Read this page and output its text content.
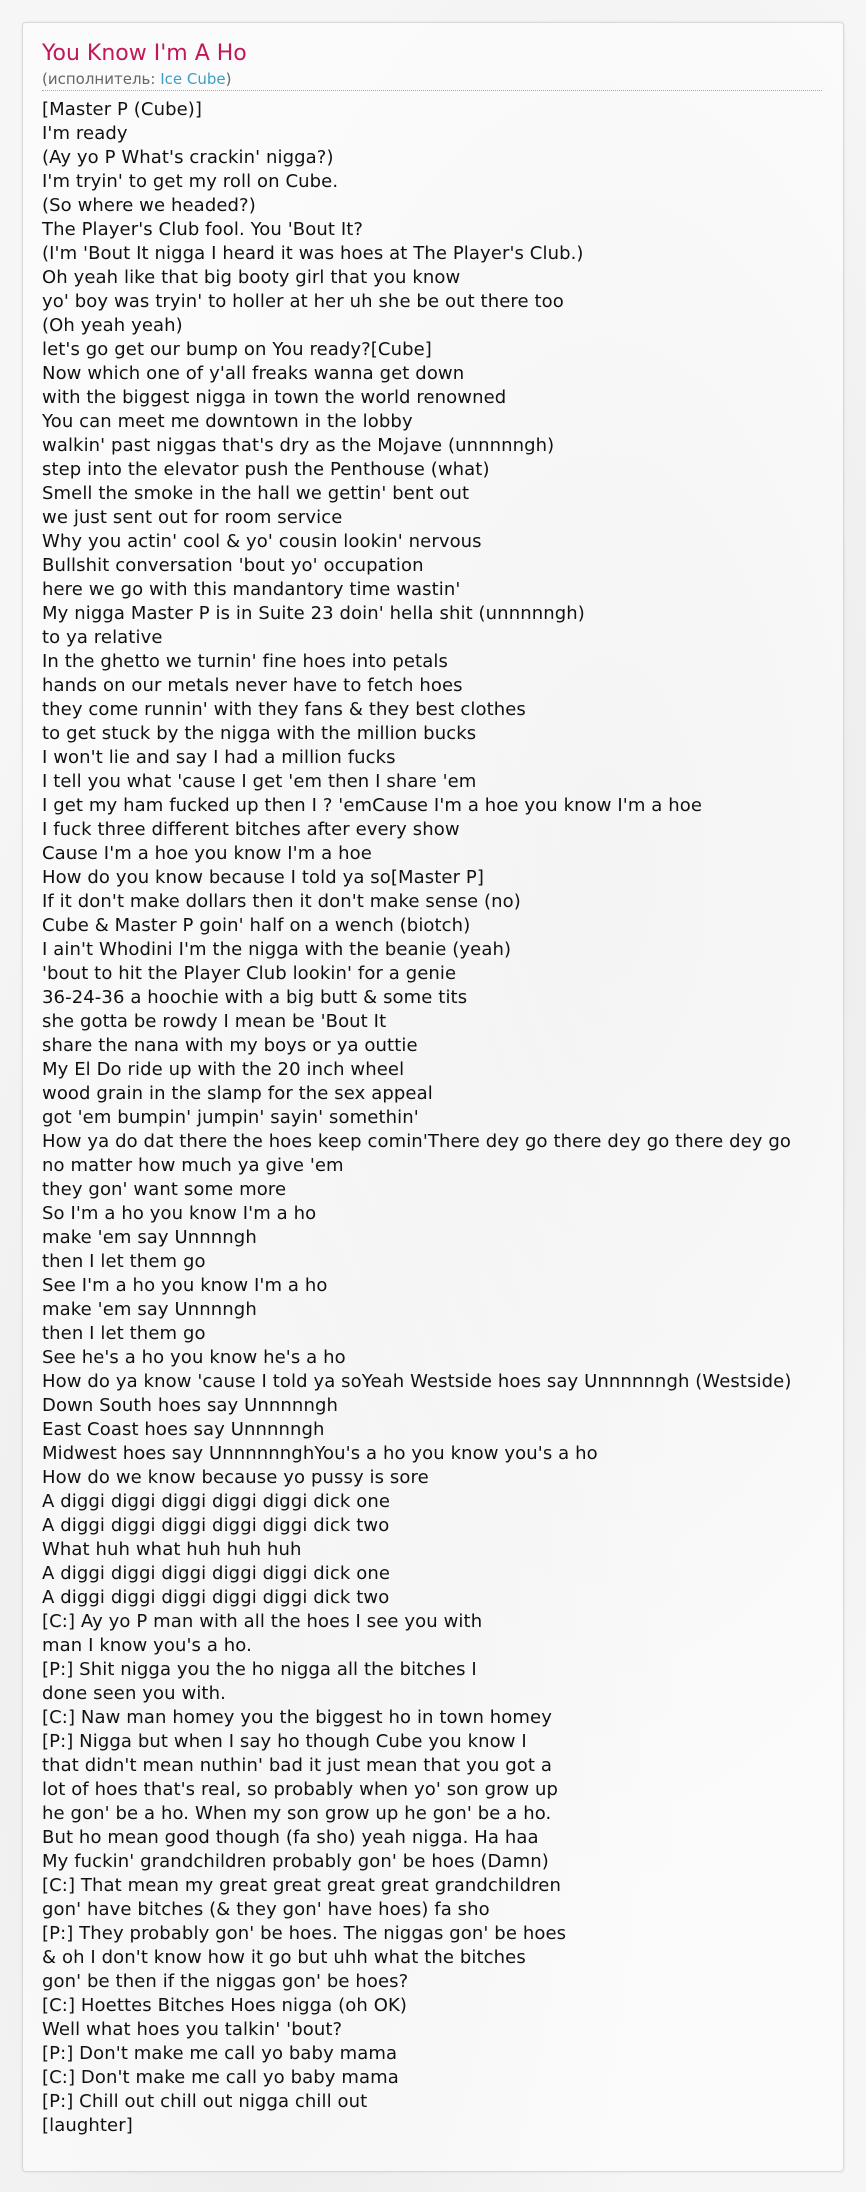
You Know I'm A Ho
(исполнитель: Ice Cube)
[Master P (Cube)]
I'm ready
(Ay yo P What's crackin' nigga?)
I'm tryin' to get my roll on Cube.
(So where we headed?)
The Player's Club fool. You 'Bout It?
(I'm 'Bout It nigga I heard it was hoes at The Player's Club.)
Oh yeah like that big booty girl that you know
yo' boy was tryin' to holler at her uh she be out there too
(Oh yeah yeah)
let's go get our bump on You ready?[Cube]
Now which one of y'all freaks wanna get down
with the biggest nigga in town the world renowned
You can meet me downtown in the lobby
walkin' past niggas that's dry as the Mojave (unnnnngh)
step into the elevator push the Penthouse (what)
Smell the smoke in the hall we gettin' bent out
we just sent out for room service
Why you actin' cool & yo' cousin lookin' nervous
Bullshit conversation 'bout yo' occupation
here we go with this mandantory time wastin'
My nigga Master P is in Suite 23 doin' hella shit (unnnnngh)
to ya relative
In the ghetto we turnin' fine hoes into petals
hands on our metals never have to fetch hoes
they come runnin' with they fans & they best clothes
to get stuck by the nigga with the million bucks
I won't lie and say I had a million fucks
I tell you what 'cause I get 'em then I share 'em
I get my ham fucked up then I ? 'emCause I'm a hoe you know I'm a hoe
I fuck three different bitches after every show
Cause I'm a hoe you know I'm a hoe
How do you know because I told ya so[Master P]
If it don't make dollars then it don't make sense (no)
Cube & Master P goin' half on a wench (biotch)
I ain't Whodini I'm the nigga with the beanie (yeah)
'bout to hit the Player Club lookin' for a genie
36-24-36 a hoochie with a big butt & some tits
she gotta be rowdy I mean be 'Bout It
share the nana with my boys or ya outtie
My El Do ride up with the 20 inch wheel
wood grain in the slamp for the sex appeal
got 'em bumpin' jumpin' sayin' somethin'
How ya do dat there the hoes keep comin'There dey go there dey go there dey go
no matter how much ya give 'em
they gon' want some more
So I'm a ho you know I'm a ho
make 'em say Unnnngh
then I let them go
See I'm a ho you know I'm a ho
make 'em say Unnnngh
then I let them go
See he's a ho you know he's a ho
How do ya know 'cause I told ya soYeah Westside hoes say Unnnnnngh (Westside)
Down South hoes say Unnnnngh
East Coast hoes say Unnnnngh
Midwest hoes say UnnnnnnghYou's a ho you know you's a ho
How do we know because yo pussy is sore
A diggi diggi diggi diggi diggi dick one
A diggi diggi diggi diggi diggi dick two
What huh what huh huh huh
A diggi diggi diggi diggi diggi dick one
A diggi diggi diggi diggi diggi dick two
[C:] Ay yo P man with all the hoes I see you with
man I know you's a ho.
[P:] Shit nigga you the ho nigga all the bitches I
done seen you with.
[C:] Naw man homey you the biggest ho in town homey
[P:] Nigga but when I say ho though Cube you know I
that didn't mean nuthin' bad it just mean that you got a
lot of hoes that's real, so probably when yo' son grow up
he gon' be a ho. When my son grow up he gon' be a ho.
But ho mean good though (fa sho) yeah nigga. Ha haa
My fuckin' grandchildren probably gon' be hoes (Damn)
[C:] That mean my great great great great grandchildren
gon' have bitches (& they gon' have hoes) fa sho
[P:] They probably gon' be hoes. The niggas gon' be hoes
& oh I don't know how it go but uhh what the bitches
gon' be then if the niggas gon' be hoes?
[C:] Hoettes Bitches Hoes nigga (oh OK)
Well what hoes you talkin' 'bout?
[P:] Don't make me call yo baby mama
[C:] Don't make me call yo baby mama
[P:] Chill out chill out nigga chill out
[laughter]
